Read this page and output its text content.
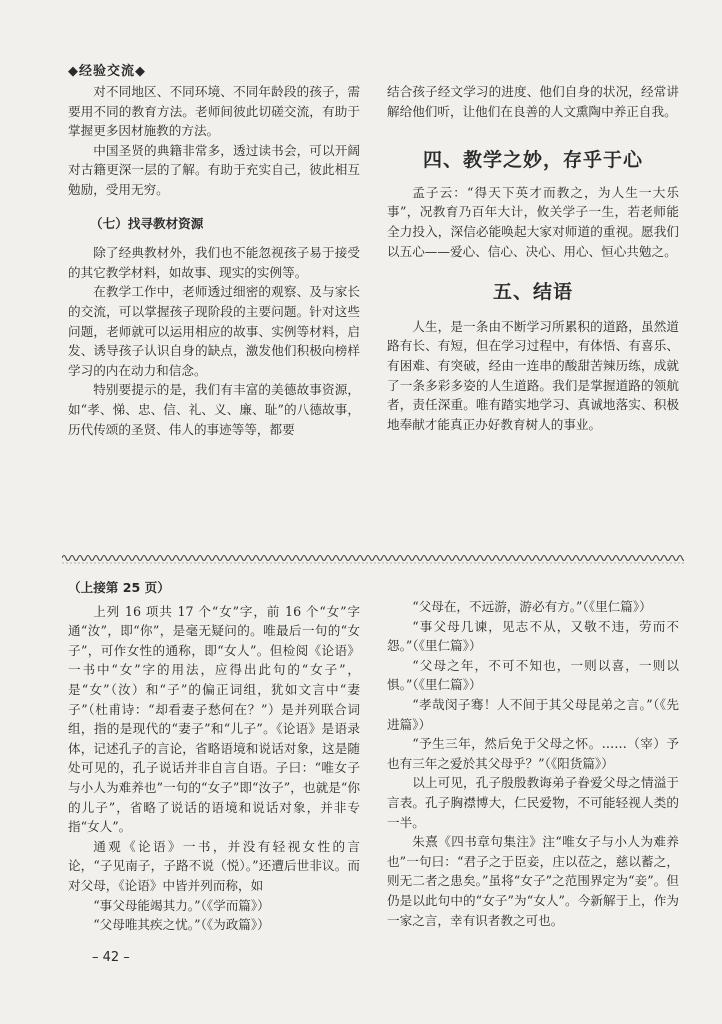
◆经验交流◆

对不同地区、不同环境、不同年龄段的孩子，需要用不同的教育方法。老师间彼此切磋交流，有助于掌握更多因材施教的方法。

中国圣贤的典籍非常多，透过读书会，可以开阔对古籍更深一层的了解。有助于充实自己，彼此相互勉励，受用无穷。

（七）找寻教材资源

除了经典教材外，我们也不能忽视孩子易于接受的其它教学材料，如故事、现实的实例等。

在教学工作中，老师透过细密的观察、及与家长的交流，可以掌握孩子现阶段的主要问题。针对这些问题，老师就可以运用相应的故事、实例等材料，启发、诱导孩子认识自身的缺点，激发他们积极向榜样学习的内在动力和信念。

特别要提示的是，我们有丰富的美德故事资源，如“孝、悌、忠、信、礼、义、廉、耻”的八德故事，历代传颂的圣贤、伟人的事迹等等，都要

结合孩子经文学习的进度、他们自身的状况，经常讲解给他们听，让他们在良善的人文熏陶中养正自我。

四、教学之妙，存乎于心

孟子云：“得天下英才而教之，为人生一大乐事”，况教育乃百年大计，攸关学子一生，若老师能全力投入，深信必能唤起大家对师道的重视。愿我们以五心——爱心、信心、决心、用心、恒心共勉之。

五、结语

人生，是一条由不断学习所累积的道路，虽然道路有长、有短，但在学习过程中，有体悟、有喜乐、有困难、有突破，经由一连串的酸甜苦辣历练，成就了一条多彩多姿的人生道路。我们是掌握道路的领航者，责任深重。唯有踏实地学习、真诚地落实、积极地奉献才能真正办好教育树人的事业。

（上接第 25 页）

上列 16 项共 17 个“女”字，前 16 个“女”字通“汝”，即“你”，是毫无疑问的。唯最后一句的“女子”，可作女性的通称，即“女人”。但检阅《论语》一书中“女”字的用法，应得出此句的“女子”，是“女”（汝）和“子”的偏正词组，犹如文言中“妻子”（杜甫诗：“却看妻子愁何在？”）是并列联合词组，指的是现代的“妻子”和“儿子”。《论语》是语录体，记述孔子的言论，省略语境和说话对象，这是随处可见的，孔子说话并非自言自语。子曰：“唯女子与小人为难养也”一句的“女子”即“汝子”，也就是“你的儿子”，省略了说话的语境和说话对象，并非专指“女人”。

通观《论语》一书，并没有轻视女性的言论，“子见南子，子路不说（悦）。”还遭后世非议。而对父母，《论语》中皆并列而称，如

“事父母能竭其力。”（《学而篇》）

“父母唯其疾之忧。”（《为政篇》）

“父母在，不远游，游必有方。”（《里仁篇》）

“事父母几谏，见志不从，又敬不违，劳而不怨。”（《里仁篇》）

“父母之年，不可不知也，一则以喜，一则以惧。”（《里仁篇》）

“孝哉闵子骞！人不间于其父母昆弟之言。”（《先进篇》）

“予生三年，然后免于父母之怀。……（宰）予也有三年之爱於其父母乎？”（《阳货篇》）

以上可见，孔子殷殷教诲弟子眷爱父母之情溢于言表。孔子胸襟博大，仁民爱物，不可能轻视人类的一半。

朱熹《四书章句集注》注“唯女子与小人为难养也”一句曰：“君子之于臣妾，庄以莅之，慈以蓄之，则无二者之患矣。”虽将“女子”之范围界定为“妾”。但仍是以此句中的“女子”为“女人”。今新解于上，作为一家之言，幸有识者教之可也。

– 42 –
